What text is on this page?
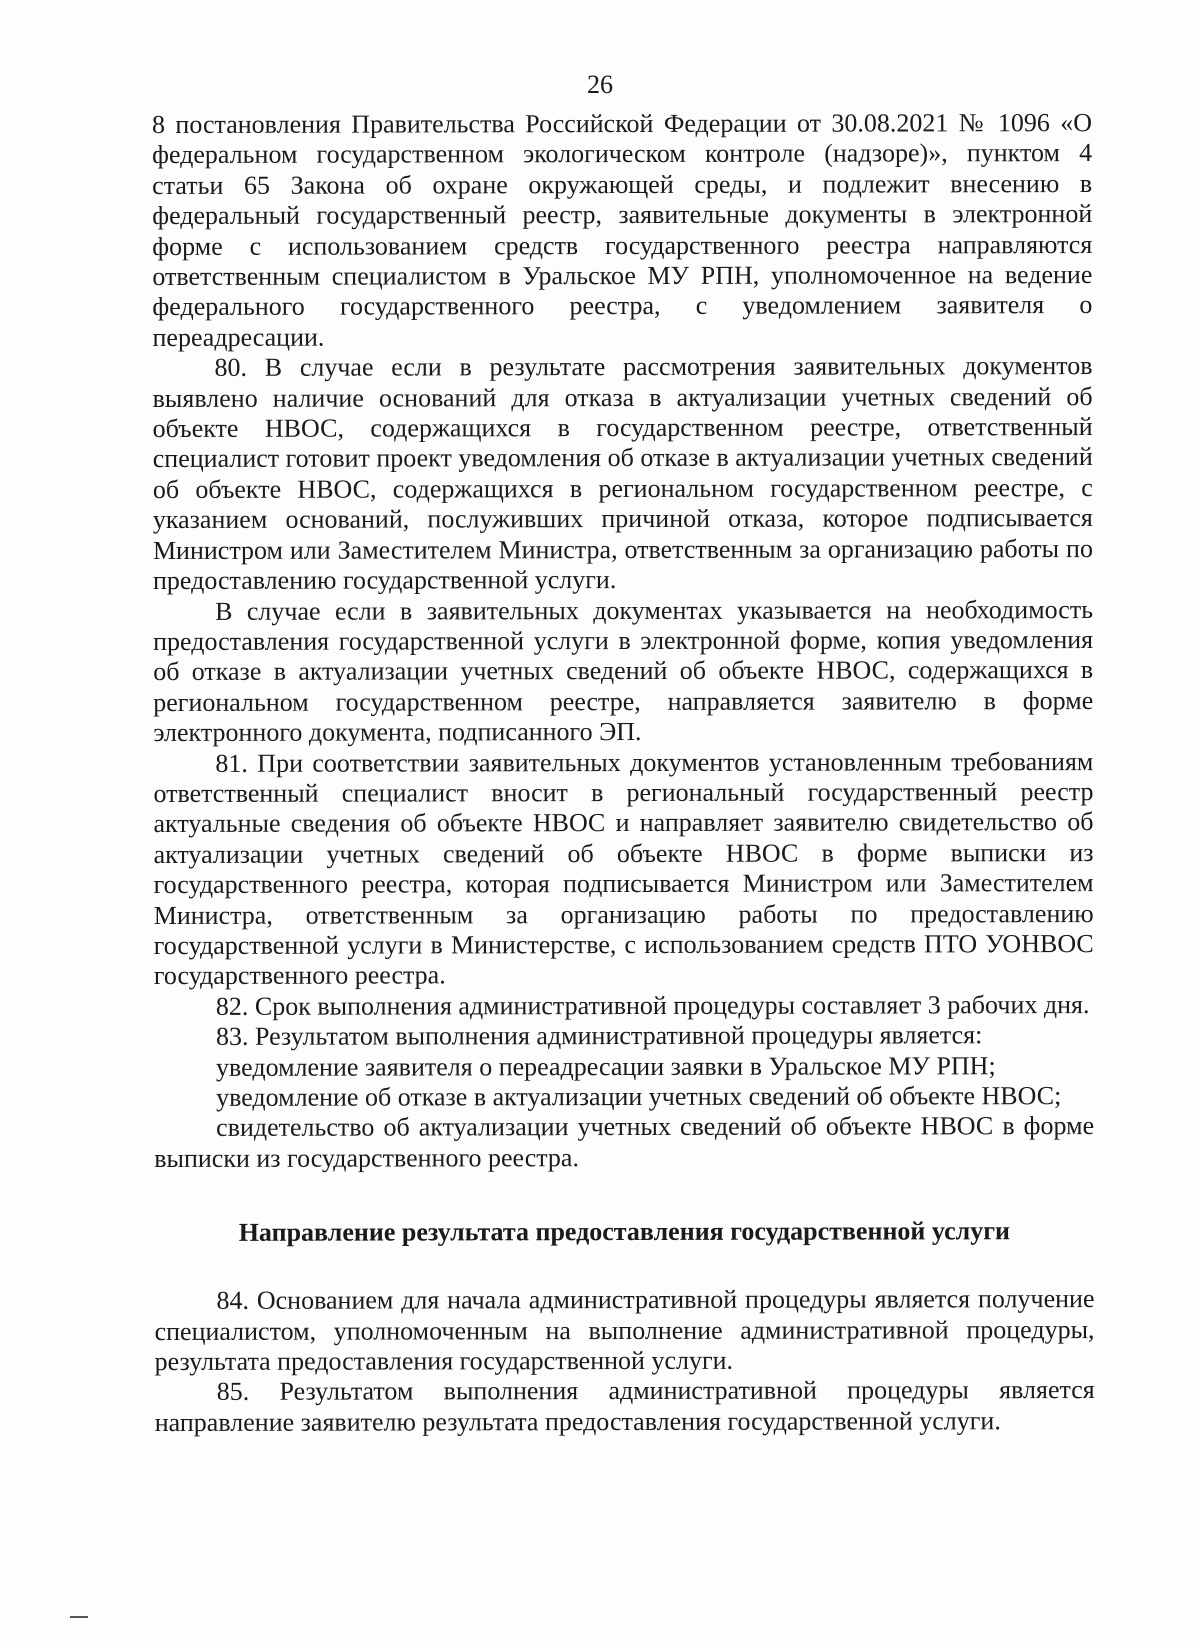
26

8 постановления Правительства Российской Федерации от 30.08.2021 № 1096 «О федеральном государственном экологическом контроле (надзоре)», пунктом 4 статьи 65 Закона об охране окружающей среды, и подлежит внесению в федеральный государственный реестр, заявительные документы в электронной форме с использованием средств государственного реестра направляются ответственным специалистом в Уральское МУ РПН, уполномоченное на ведение федерального государственного реестра, с уведомлением заявителя о переадресации.

80. В случае если в результате рассмотрения заявительных документов выявлено наличие оснований для отказа в актуализации учетных сведений об объекте НВОС, содержащихся в государственном реестре, ответственный специалист готовит проект уведомления об отказе в актуализации учетных сведений об объекте НВОС, содержащихся в региональном государственном реестре, с указанием оснований, послуживших причиной отказа, которое подписывается Министром или Заместителем Министра, ответственным за организацию работы по предоставлению государственной услуги.

В случае если в заявительных документах указывается на необходимость предоставления государственной услуги в электронной форме, копия уведомления об отказе в актуализации учетных сведений об объекте НВОС, содержащихся в региональном государственном реестре, направляется заявителю в форме электронного документа, подписанного ЭП.

81. При соответствии заявительных документов установленным требованиям ответственный специалист вносит в региональный государственный реестр актуальные сведения об объекте НВОС и направляет заявителю свидетельство об актуализации учетных сведений об объекте НВОС в форме выписки из государственного реестра, которая подписывается Министром или Заместителем Министра, ответственным за организацию работы по предоставлению государственной услуги в Министерстве, с использованием средств ПТО УОНВОС государственного реестра.

82. Срок выполнения административной процедуры составляет 3 рабочих дня.

83. Результатом выполнения административной процедуры является:

уведомление заявителя о переадресации заявки в Уральское МУ РПН;

уведомление об отказе в актуализации учетных сведений об объекте НВОС;

свидетельство об актуализации учетных сведений об объекте НВОС в форме выписки из государственного реестра.

Направление результата предоставления государственной услуги

84. Основанием для начала административной процедуры является получение специалистом, уполномоченным на выполнение административной процедуры, результата предоставления государственной услуги.

85. Результатом выполнения административной процедуры является направление заявителю результата предоставления государственной услуги.
